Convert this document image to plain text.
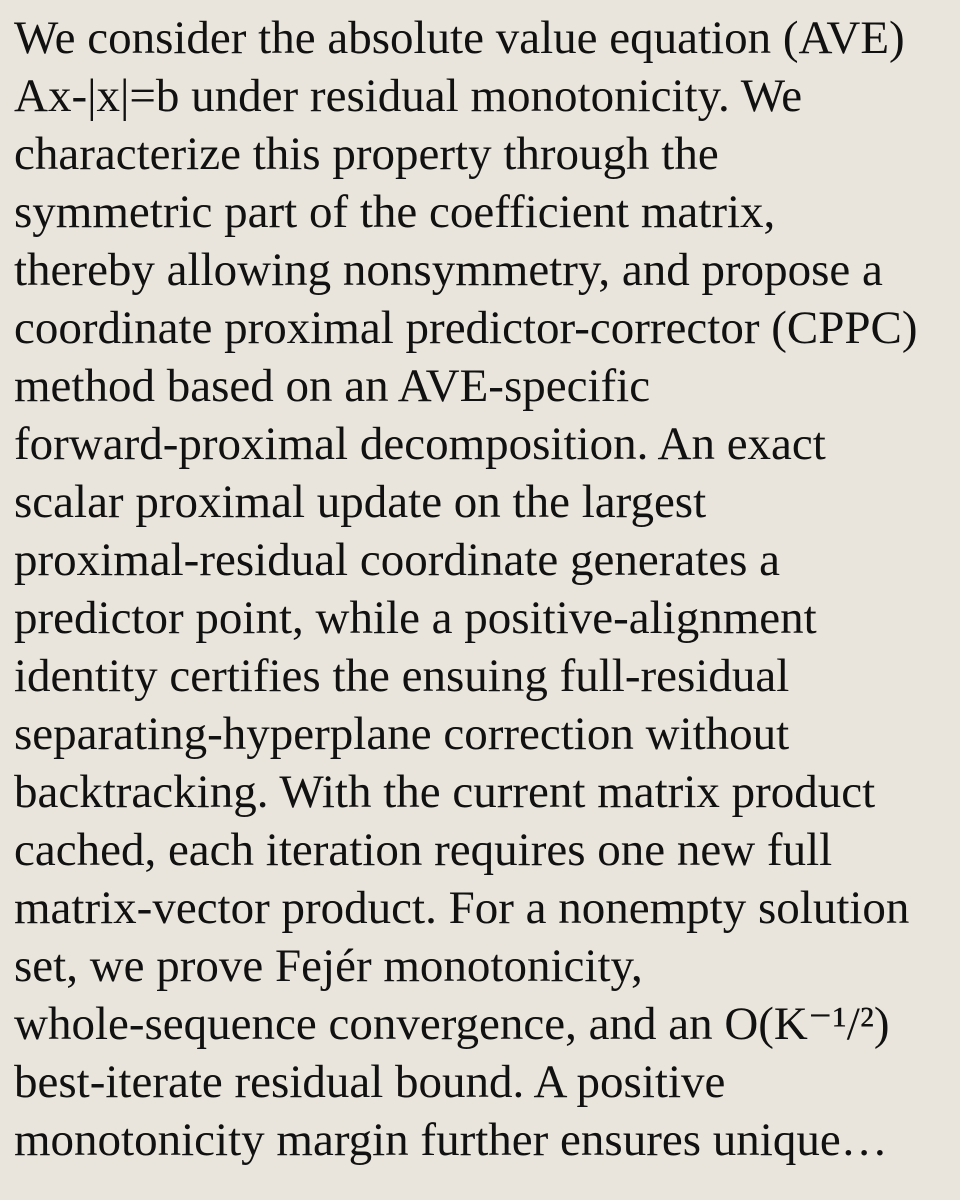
We consider the absolute value equation (AVE)
Ax-|x|=b under residual monotonicity. We
characterize this property through the
symmetric part of the coefficient matrix,
thereby allowing nonsymmetry, and propose a
coordinate proximal predictor-corrector (CPPC)
method based on an AVE-specific
forward-proximal decomposition. An exact
scalar proximal update on the largest
proximal-residual coordinate generates a
predictor point, while a positive-alignment
identity certifies the ensuing full-residual
separating-hyperplane correction without
backtracking. With the current matrix product
cached, each iteration requires one new full
matrix-vector product. For a nonempty solution
set, we prove Fejér monotonicity,
whole-sequence convergence, and an O(K⁻¹/²)
best-iterate residual bound. A positive
monotonicity margin further ensures unique…
